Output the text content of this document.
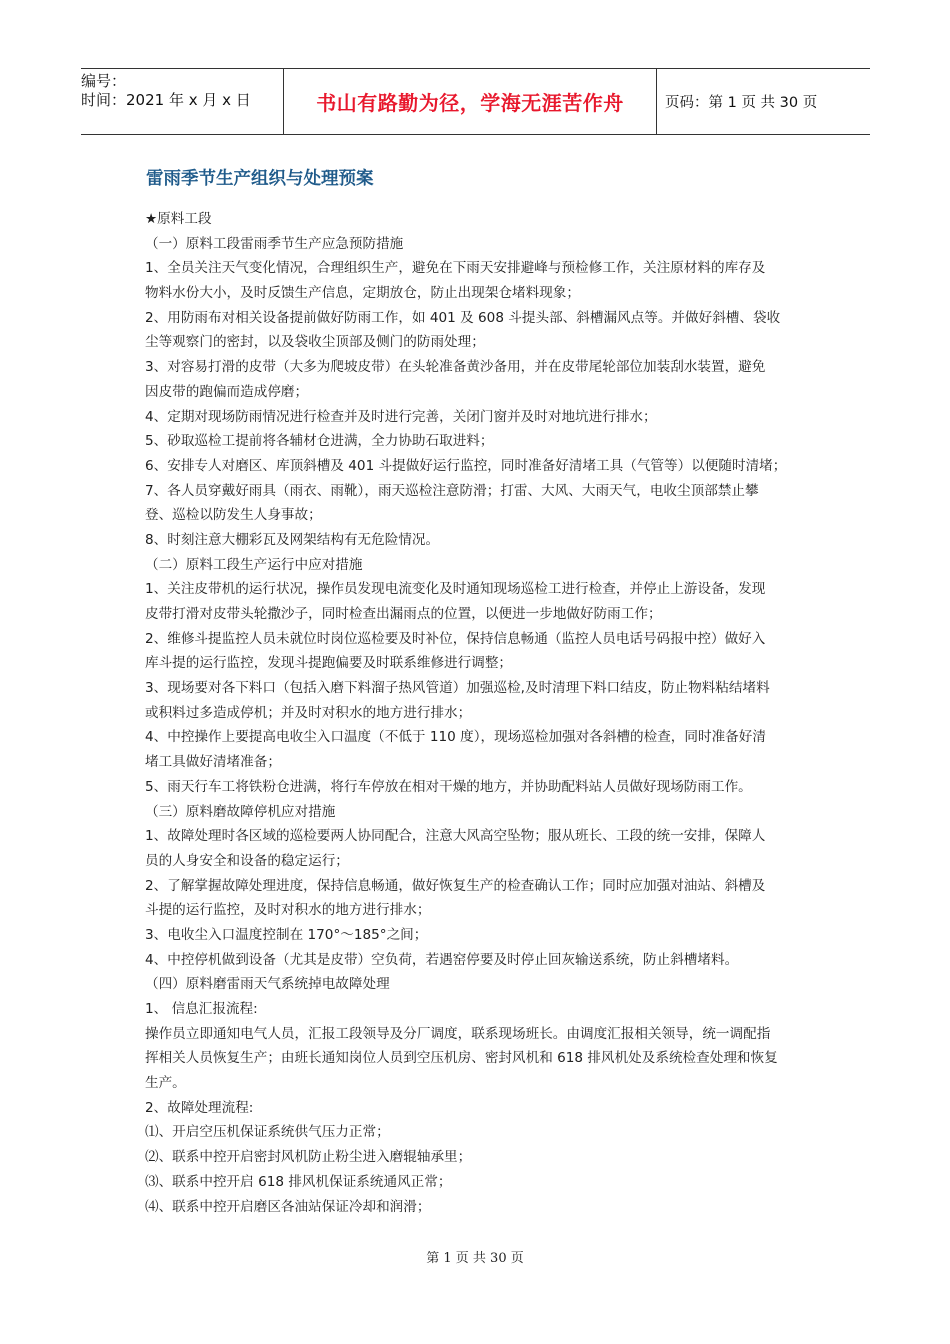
编号：
时间：2021 年 x 月 x 日	书山有路勤为径，学海无涯苦作舟	页码：第 1 页 共 30 页
雷雨季节生产组织与处理预案
★原料工段
（一）原料工段雷雨季节生产应急预防措施
1、全员关注天气变化情况，合理组织生产，避免在下雨天安排避峰与预检修工作，关注原材料的库存及
物料水份大小，及时反馈生产信息，定期放仓，防止出现架仓堵料现象；
2、用防雨布对相关设备提前做好防雨工作，如 401 及 608 斗提头部、斜槽漏风点等。并做好斜槽、袋收
尘等观察门的密封，以及袋收尘顶部及侧门的防雨处理；
3、对容易打滑的皮带（大多为爬坡皮带）在头轮准备黄沙备用，并在皮带尾轮部位加装刮水装置，避免
因皮带的跑偏而造成停磨；
4、定期对现场防雨情况进行检查并及时进行完善，关闭门窗并及时对地坑进行排水；
5、砂取巡检工提前将各辅材仓进满，全力协助石取进料；
6、安排专人对磨区、库顶斜槽及 401 斗提做好运行监控，同时准备好清堵工具（气管等）以便随时清堵；
7、各人员穿戴好雨具（雨衣、雨靴），雨天巡检注意防滑；打雷、大风、大雨天气，电收尘顶部禁止攀
登、巡检以防发生人身事故；
8、时刻注意大棚彩瓦及网架结构有无危险情况。
（二）原料工段生产运行中应对措施
1、关注皮带机的运行状况，操作员发现电流变化及时通知现场巡检工进行检查，并停止上游设备，发现
皮带打滑对皮带头轮撒沙子，同时检查出漏雨点的位置，以便进一步地做好防雨工作；
2、维修斗提监控人员未就位时岗位巡检要及时补位，保持信息畅通（监控人员电话号码报中控）做好入
库斗提的运行监控，发现斗提跑偏要及时联系维修进行调整；
3、现场要对各下料口（包括入磨下料溜子热风管道）加强巡检,及时清理下料口结皮，防止物料粘结堵料
或积料过多造成停机；并及时对积水的地方进行排水；
4、中控操作上要提高电收尘入口温度（不低于 110 度），现场巡检加强对各斜槽的检查，同时准备好清
堵工具做好清堵准备；
5、雨天行车工将铁粉仓进满，将行车停放在相对干燥的地方，并协助配料站人员做好现场防雨工作。
（三）原料磨故障停机应对措施
1、故障处理时各区域的巡检要两人协同配合，注意大风高空坠物；服从班长、工段的统一安排，保障人
员的人身安全和设备的稳定运行；
2、了解掌握故障处理进度，保持信息畅通，做好恢复生产的检查确认工作；同时应加强对油站、斜槽及
斗提的运行监控，及时对积水的地方进行排水；
3、电收尘入口温度控制在 170°～185°之间；
4、中控停机做到设备（尤其是皮带）空负荷，若遇窑停要及时停止回灰输送系统，防止斜槽堵料。
（四）原料磨雷雨天气系统掉电故障处理
1、 信息汇报流程:
操作员立即通知电气人员，汇报工段领导及分厂调度，联系现场班长。由调度汇报相关领导，统一调配指
挥相关人员恢复生产；由班长通知岗位人员到空压机房、密封风机和 618 排风机处及系统检查处理和恢复
生产。
2、故障处理流程:
⑴、开启空压机保证系统供气压力正常；
⑵、联系中控开启密封风机防止粉尘进入磨辊轴承里；
⑶、联系中控开启 618 排风机保证系统通风正常；
⑷、联系中控开启磨区各油站保证冷却和润滑；
第 1 页 共 30 页
